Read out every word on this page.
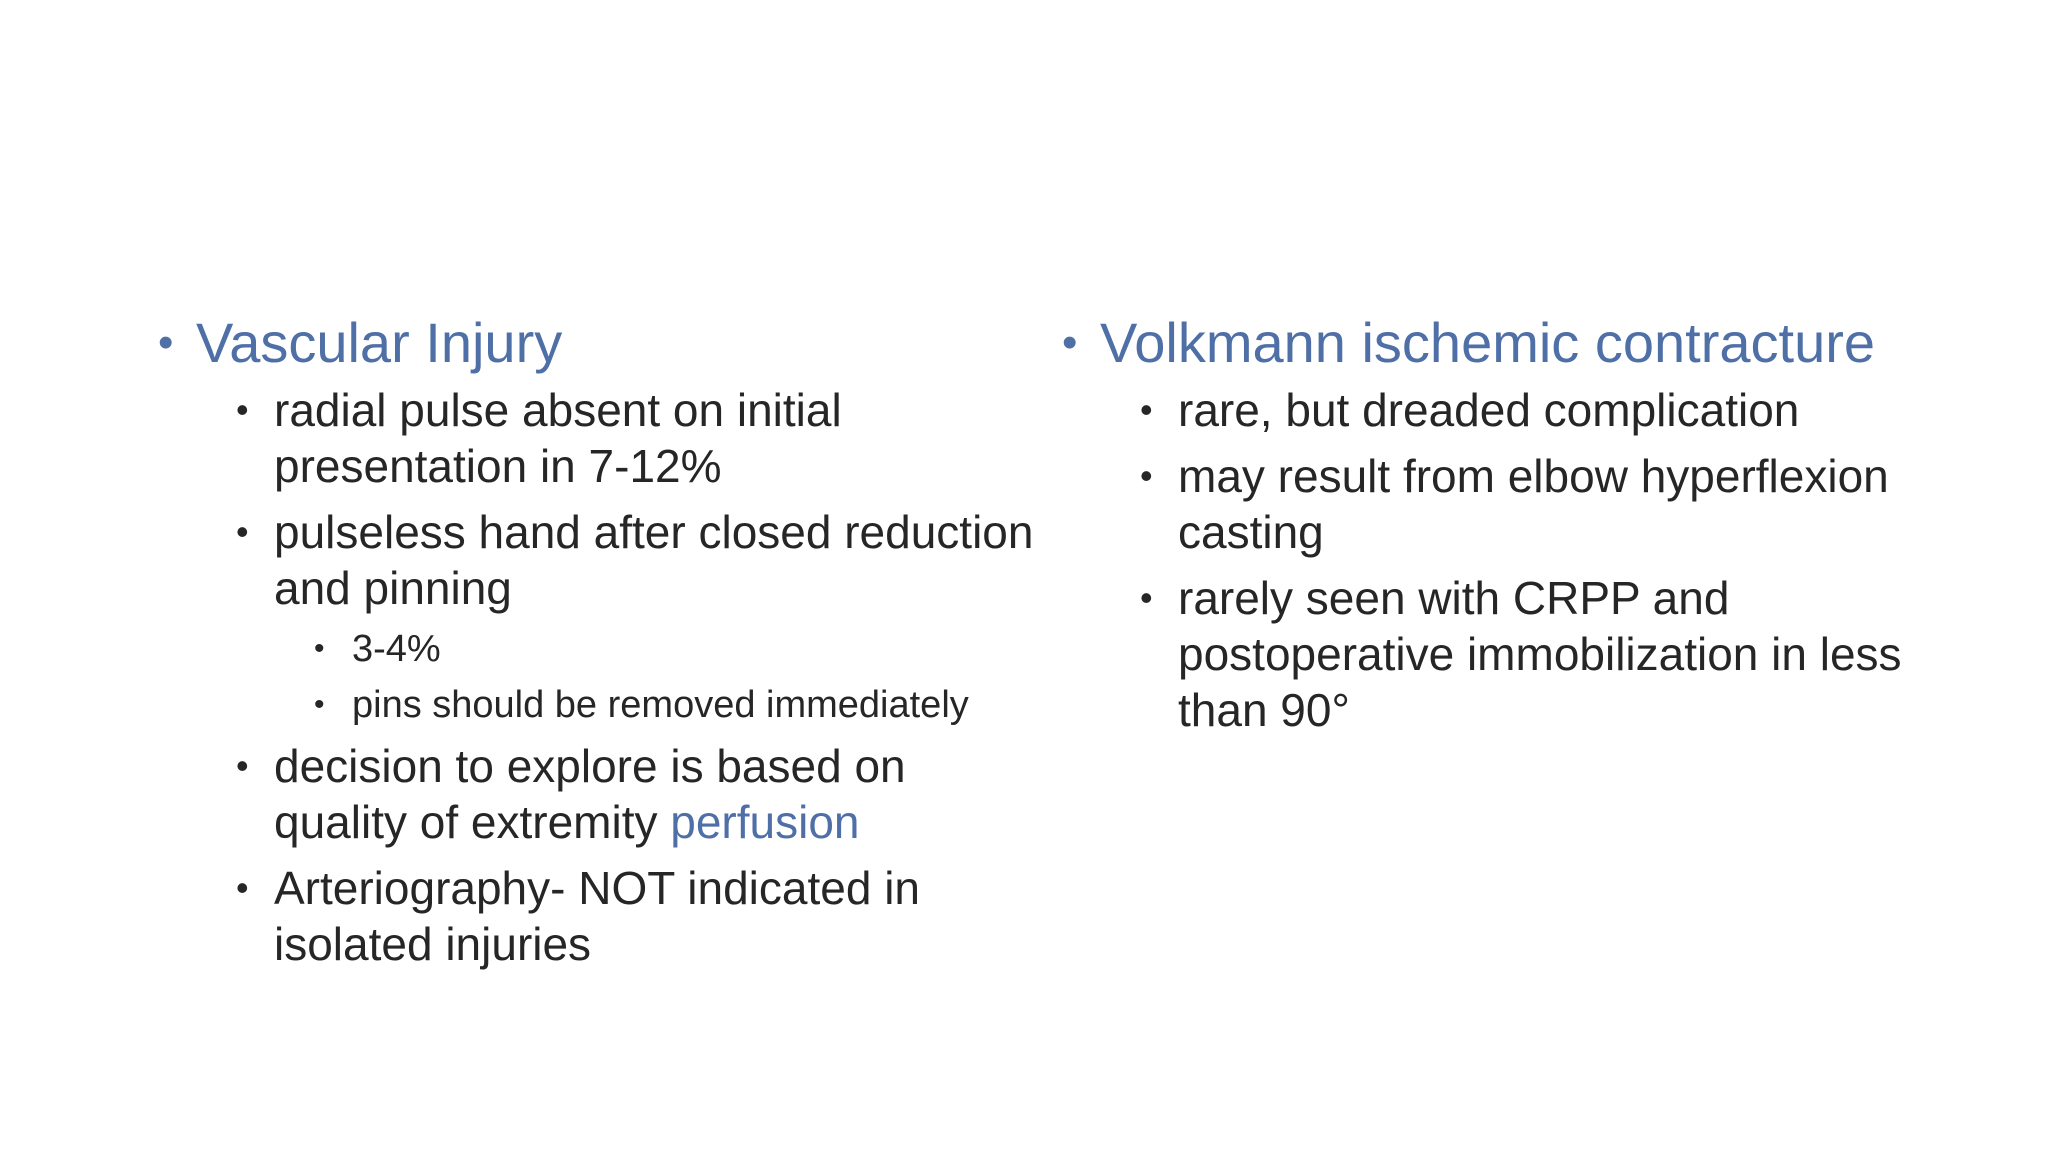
• Vascular Injury
• radial pulse absent on initial presentation in 7-12%
• pulseless hand after closed reduction and pinning
• 3-4%
• pins should be removed immediately
• decision to explore is based on quality of extremity perfusion
• Arteriography- NOT indicated in isolated injuries
• Volkmann ischemic contracture
• rare, but dreaded complication
• may result from elbow hyperflexion casting
• rarely seen with CRPP and postoperative immobilization in less than 90°
